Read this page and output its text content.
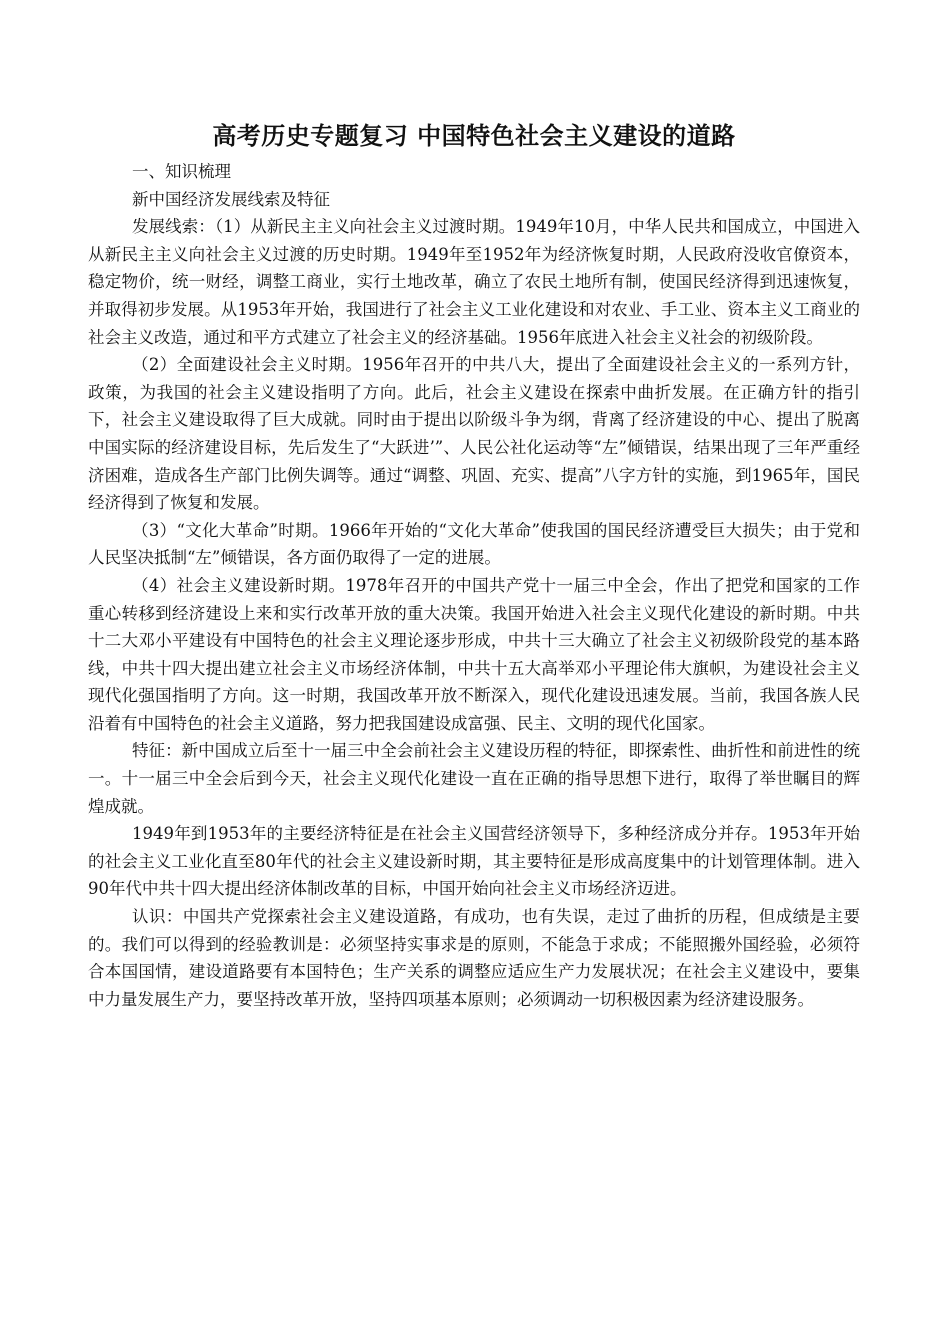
高考历史专题复习 中国特色社会主义建设的道路

一、知识梳理

新中国经济发展线索及特征

发展线索：（1）从新民主主义向社会主义过渡时期。1949年10月，中华人民共和国成立，中国进入从新民主主义向社会主义过渡的历史时期。1949年至1952年为经济恢复时期，人民政府没收官僚资本，稳定物价，统一财经，调整工商业，实行土地改革，确立了农民土地所有制，使国民经济得到迅速恢复，并取得初步发展。从1953年开始，我国进行了社会主义工业化建设和对农业、手工业、资本主义工商业的社会主义改造，通过和平方式建立了社会主义的经济基础。1956年底进入社会主义社会的初级阶段。

（2）全面建设社会主义时期。1956年召开的中共八大，提出了全面建设社会主义的一系列方针，政策，为我国的社会主义建设指明了方向。此后，社会主义建设在探索中曲折发展。在正确方针的指引下，社会主义建设取得了巨大成就。同时由于提出以阶级斗争为纲，背离了经济建设的中心、提出了脱离中国实际的经济建设目标，先后发生了“大跃进’”、人民公社化运动等“左”倾错误，结果出现了三年严重经济困难，造成各生产部门比例失调等。通过“调整、巩固、充实、提高”八字方针的实施，到1965年，国民经济得到了恢复和发展。

（3）“文化大革命”时期。1966年开始的“文化大革命”使我国的国民经济遭受巨大损失；由于党和人民坚决抵制“左”倾错误，各方面仍取得了一定的进展。

（4）社会主义建设新时期。1978年召开的中国共产党十一届三中全会，作出了把党和国家的工作重心转移到经济建设上来和实行改革开放的重大决策。我国开始进入社会主义现代化建设的新时期。中共十二大邓小平建设有中国特色的社会主义理论逐步形成，中共十三大确立了社会主义初级阶段党的基本路线，中共十四大提出建立社会主义市场经济体制，中共十五大高举邓小平理论伟大旗帜，为建设社会主义现代化强国指明了方向。这一时期，我国改革开放不断深入，现代化建设迅速发展。当前，我国各族人民沿着有中国特色的社会主义道路，努力把我国建设成富强、民主、文明的现代化国家。

特征：新中国成立后至十一届三中全会前社会主义建设历程的特征，即探索性、曲折性和前进性的统一。十一届三中全会后到今天，社会主义现代化建设一直在正确的指导思想下进行，取得了举世瞩目的辉煌成就。

1949年到1953年的主要经济特征是在社会主义国营经济领导下，多种经济成分并存。1953年开始的社会主义工业化直至80年代的社会主义建设新时期，其主要特征是形成高度集中的计划管理体制。进入90年代中共十四大提出经济体制改革的目标，中国开始向社会主义市场经济迈进。

认识：中国共产党探索社会主义建设道路，有成功，也有失误，走过了曲折的历程，但成绩是主要的。我们可以得到的经验教训是：必须坚持实事求是的原则，不能急于求成；不能照搬外国经验，必须符合本国国情，建设道路要有本国特色；生产关系的调整应适应生产力发展状况；在社会主义建设中，要集中力量发展生产力，要坚持改革开放，坚持四项基本原则；必须调动一切积极因素为经济建设服务。
